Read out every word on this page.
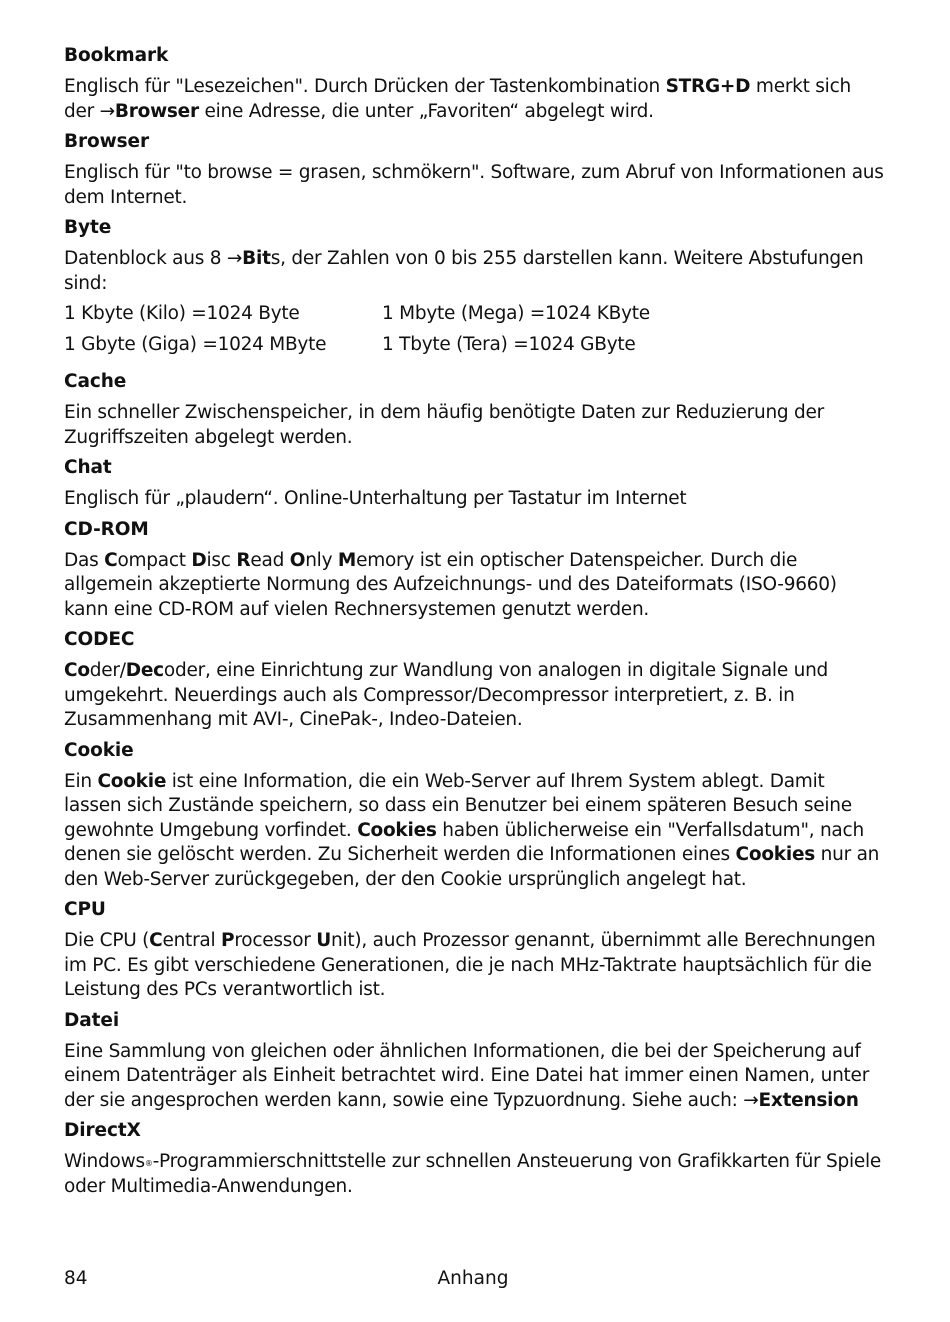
Bookmark
Englisch für "Lesezeichen". Durch Drücken der Tastenkombination STRG+D merkt sich der →Browser eine Adresse, die unter „Favoriten“ abgelegt wird.
Browser
Englisch für "to browse = grasen, schmökern". Software, zum Abruf von Informationen aus dem Internet.
Byte
Datenblock aus 8 →Bits, der Zahlen von 0 bis 255 darstellen kann. Weitere Abstufungen sind:
1 Kbyte (Kilo) =1024 Byte	1 Mbyte (Mega) =1024 KByte
1 Gbyte (Giga) =1024 MByte	1 Tbyte (Tera) =1024 GByte
Cache
Ein schneller Zwischenspeicher, in dem häufig benötigte Daten zur Reduzierung der Zugriffszeiten abgelegt werden.
Chat
Englisch für „plaudern“. Online-Unterhaltung per Tastatur im Internet
CD-ROM
Das Compact Disc Read Only Memory ist ein optischer Datenspeicher. Durch die allgemein akzeptierte Normung des Aufzeichnungs- und des Dateiformats (ISO-9660) kann eine CD-ROM auf vielen Rechnersystemen genutzt werden.
CODEC
Coder/Decoder, eine Einrichtung zur Wandlung von analogen in digitale Signale und umgekehrt. Neuerdings auch als Compressor/Decompressor interpretiert, z. B. in Zusammenhang mit AVI-, CinePak-, Indeo-Dateien.
Cookie
Ein Cookie ist eine Information, die ein Web-Server auf Ihrem System ablegt. Damit lassen sich Zustände speichern, so dass ein Benutzer bei einem späteren Besuch seine gewohnte Umgebung vorfindet. Cookies haben üblicherweise ein "Verfallsdatum", nach denen sie gelöscht werden. Zu Sicherheit werden die Informationen eines Cookies nur an den Web-Server zurückgegeben, der den Cookie ursprünglich angelegt hat.
CPU
Die CPU (Central Processor Unit), auch Prozessor genannt, übernimmt alle Berechnungen im PC. Es gibt verschiedene Generationen, die je nach MHz-Taktrate hauptsächlich für die Leistung des PCs verantwortlich ist.
Datei
Eine Sammlung von gleichen oder ähnlichen Informationen, die bei der Speicherung auf einem Datenträger als Einheit betrachtet wird. Eine Datei hat immer einen Namen, unter der sie angesprochen werden kann, sowie eine Typzuordnung. Siehe auch: →Extension
DirectX
Windows®-Programmierschnittstelle zur schnellen Ansteuerung von Grafikkarten für Spiele oder Multimedia-Anwendungen.
84	Anhang
